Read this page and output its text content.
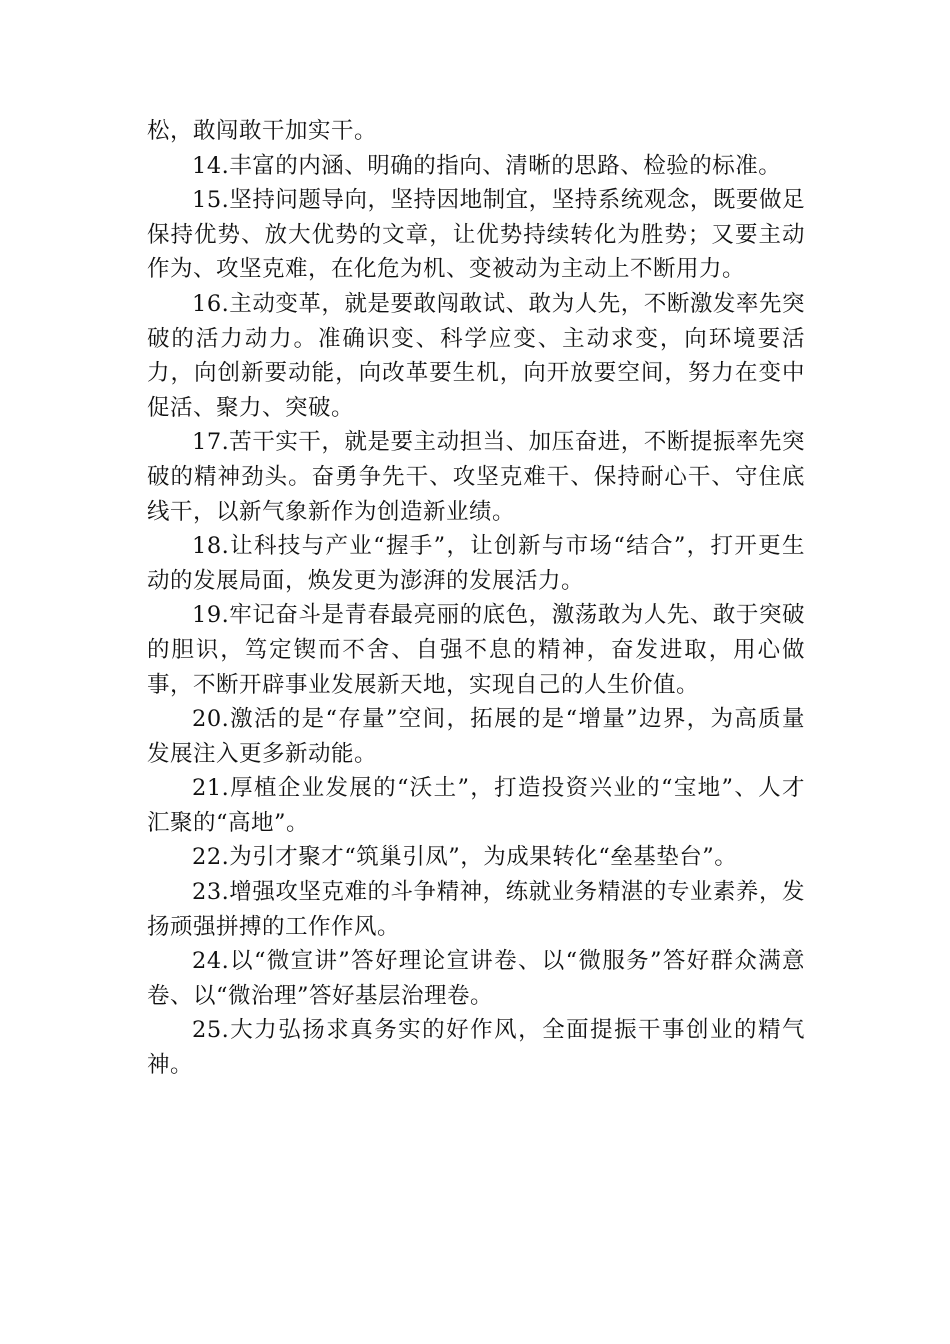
松，敢闯敢干加实干。

14.丰富的内涵、明确的指向、清晰的思路、检验的标准。

15.坚持问题导向，坚持因地制宜，坚持系统观念，既要做足保持优势、放大优势的文章，让优势持续转化为胜势；又要主动作为、攻坚克难，在化危为机、变被动为主动上不断用力。

16.主动变革，就是要敢闯敢试、敢为人先，不断激发率先突破的活力动力。准确识变、科学应变、主动求变，向环境要活力，向创新要动能，向改革要生机，向开放要空间，努力在变中促活、聚力、突破。

17.苦干实干，就是要主动担当、加压奋进，不断提振率先突破的精神劲头。奋勇争先干、攻坚克难干、保持耐心干、守住底线干，以新气象新作为创造新业绩。

18.让科技与产业“握手”，让创新与市场“结合”，打开更生动的发展局面，焕发更为澎湃的发展活力。

19.牢记奋斗是青春最亮丽的底色，激荡敢为人先、敢于突破的胆识，笃定锲而不舍、自强不息的精神，奋发进取，用心做事，不断开辟事业发展新天地，实现自己的人生价值。

20.激活的是“存量”空间，拓展的是“增量”边界，为高质量发展注入更多新动能。

21.厚植企业发展的“沃土”，打造投资兴业的“宝地”、人才汇聚的“高地”。

22.为引才聚才“筑巢引凤”，为成果转化“垒基垫台”。

23.增强攻坚克难的斗争精神，练就业务精湛的专业素养，发扬顽强拼搏的工作作风。

24.以“微宣讲”答好理论宣讲卷、以“微服务”答好群众满意卷、以“微治理”答好基层治理卷。

25.大力弘扬求真务实的好作风，全面提振干事创业的精气神。
